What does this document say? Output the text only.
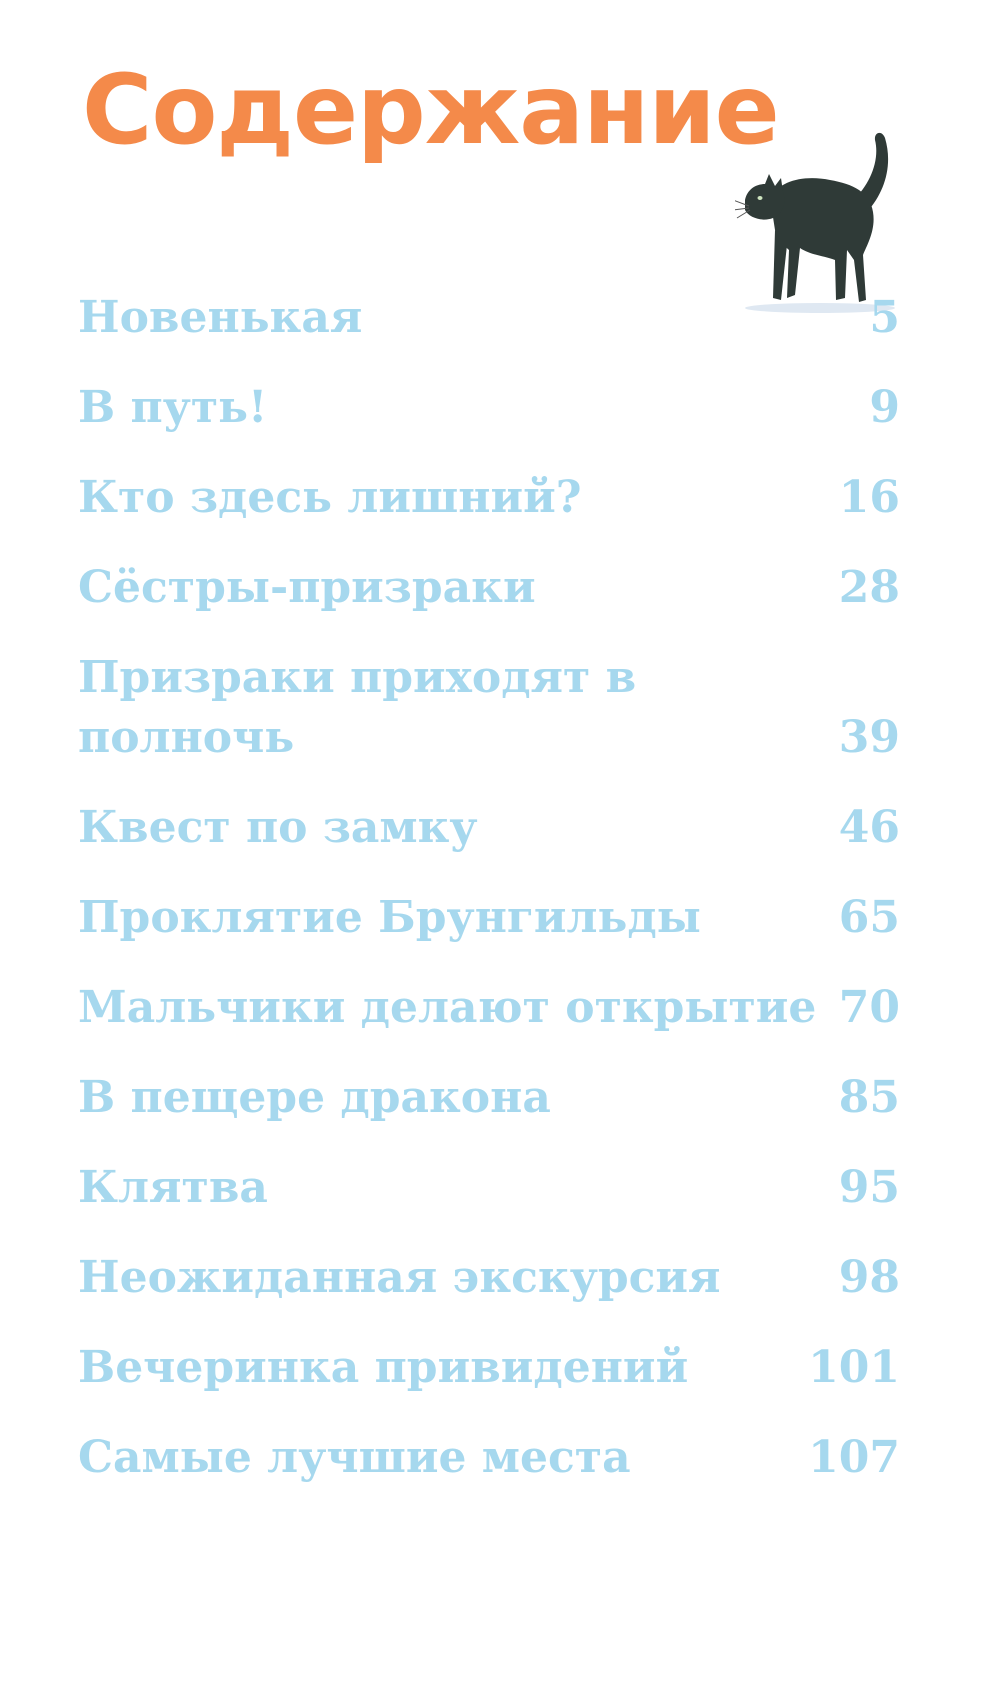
Содержание
Новенькая	5
В путь!	9
Кто здесь лишний?	16
Сёстры-призраки	28
Призраки приходят в полночь	39
Квест по замку	46
Проклятие Брунгильды	65
Мальчики делают открытие 70
В пещере дракона	85
Клятва	95
Неожиданная экскурсия	98
Вечеринка привидений	101
Самые лучшие места	107
